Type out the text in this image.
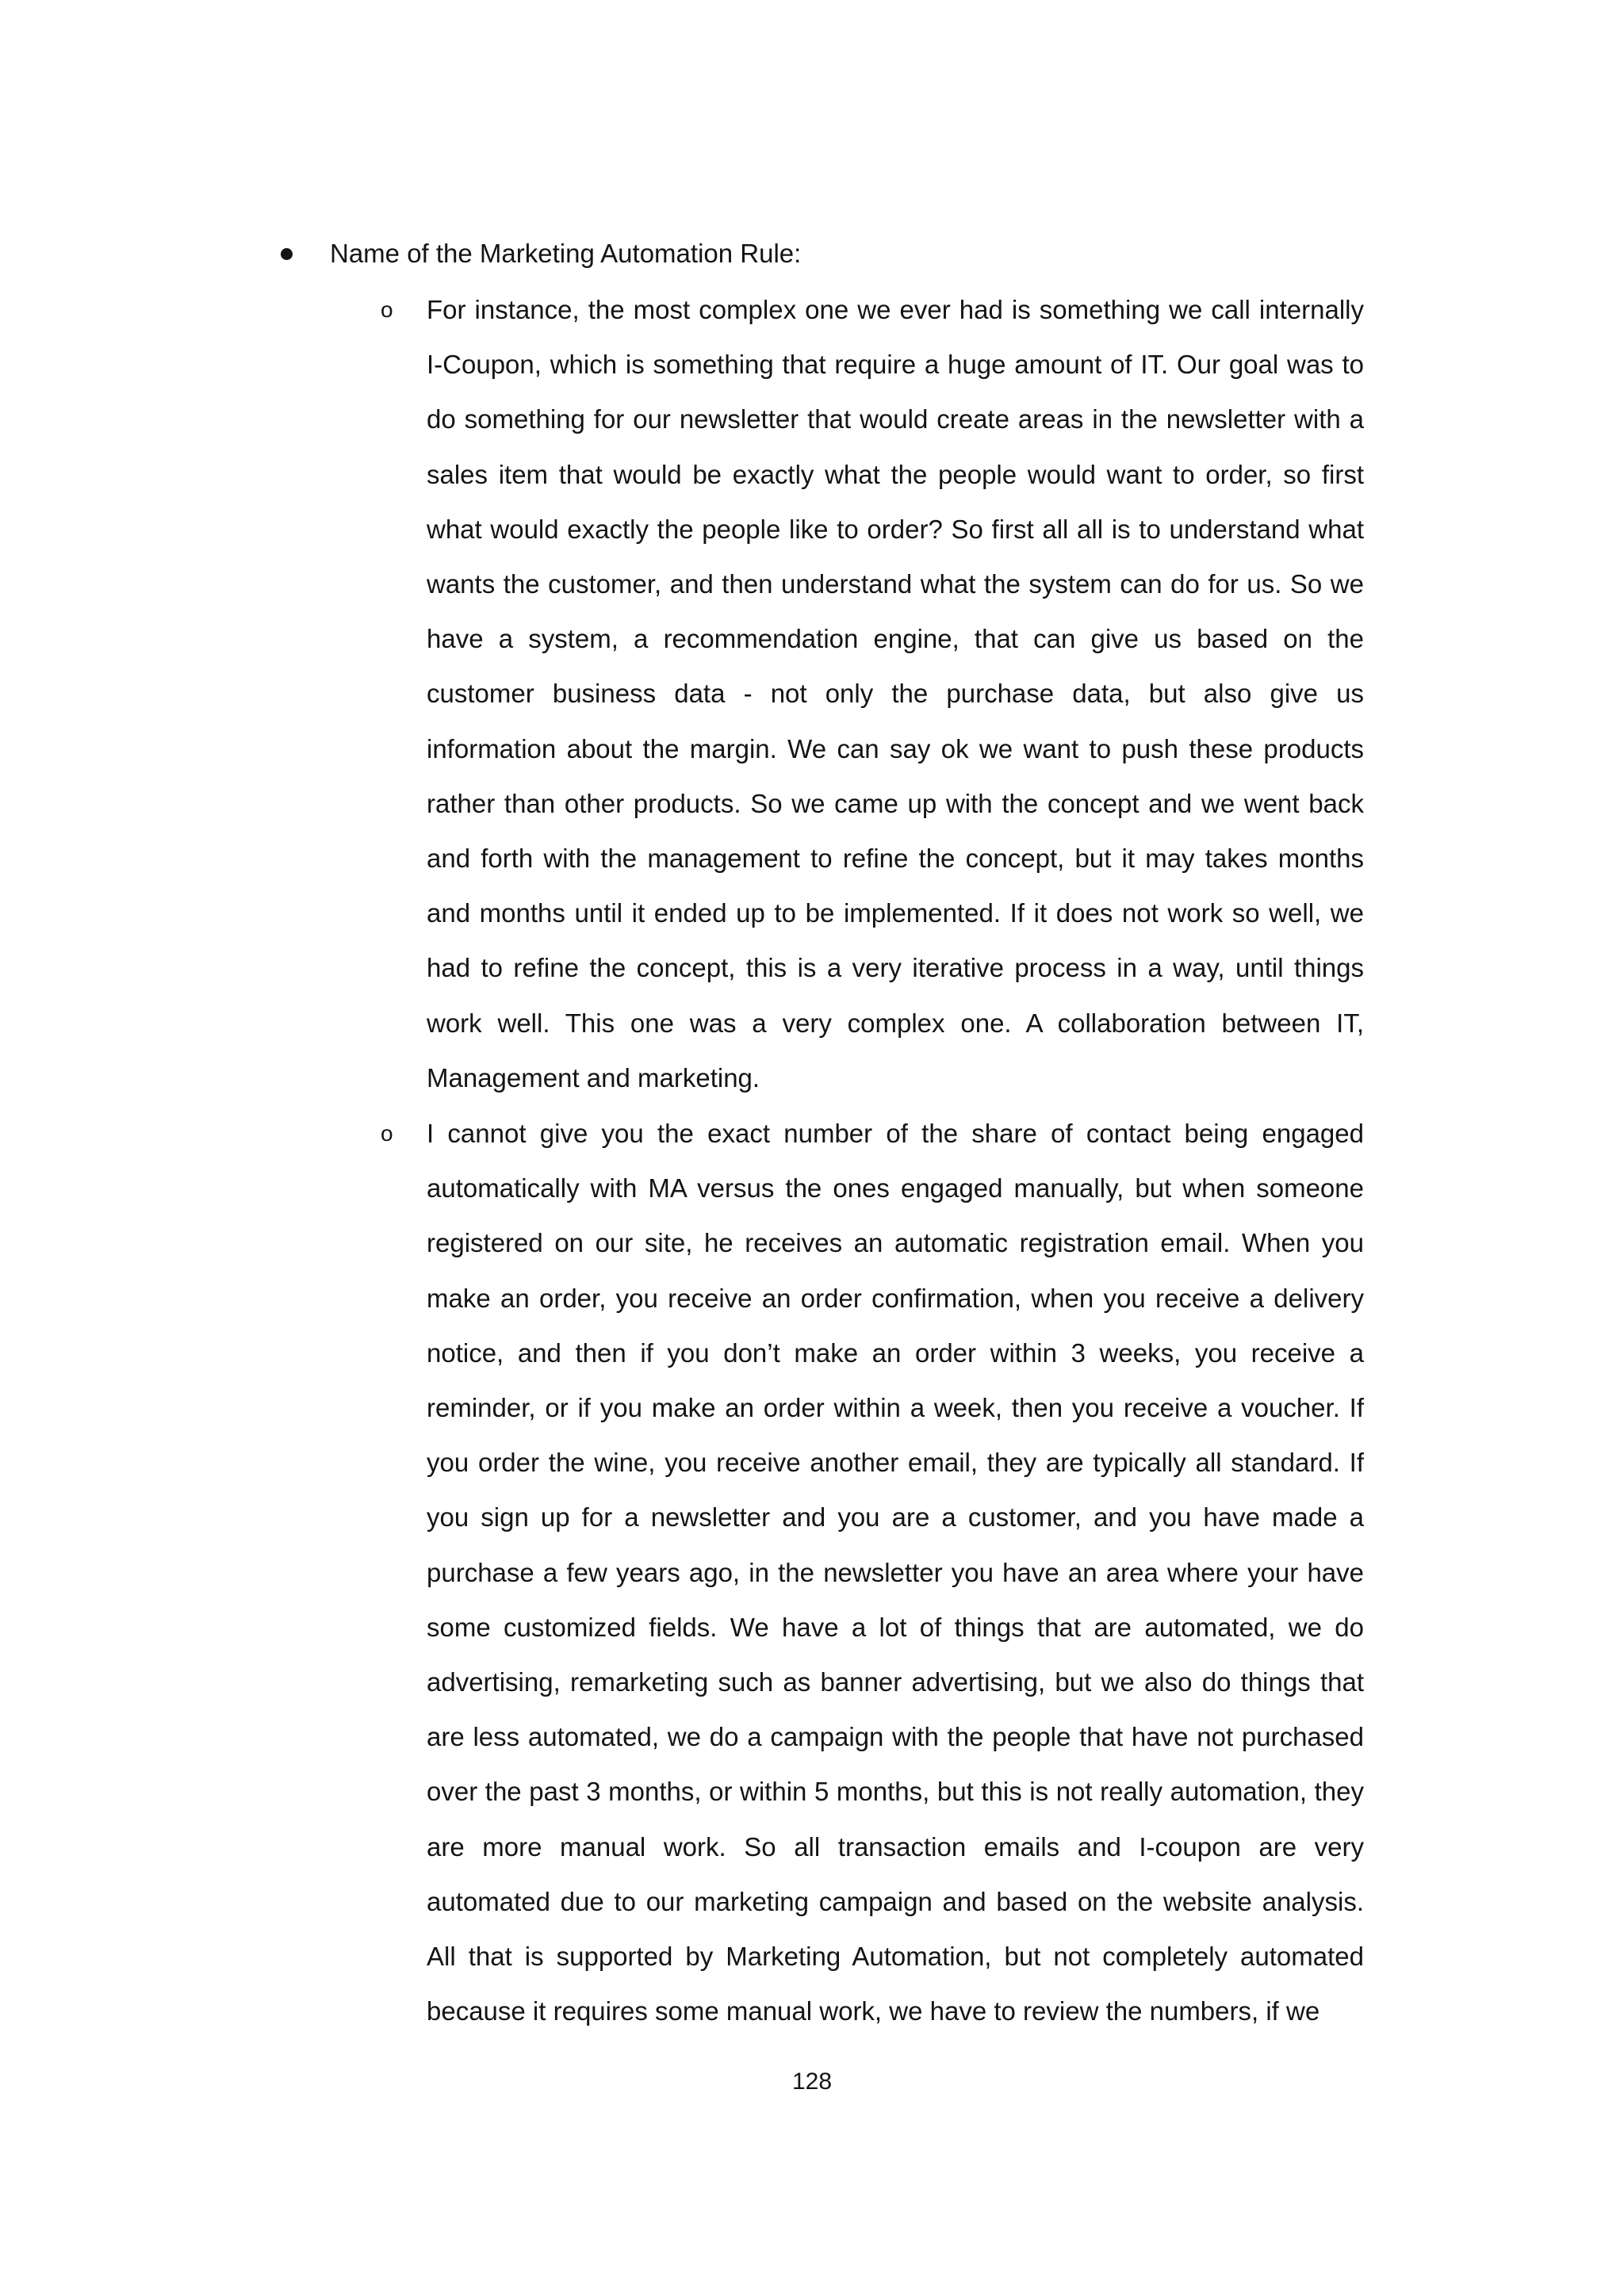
Name of the Marketing Automation Rule:
o For instance, the most complex one we ever had is something we call internally I-Coupon, which is something that require a huge amount of IT. Our goal was to do something for our newsletter that would create areas in the newsletter with a sales item that would be exactly what the people would want to order, so first what would exactly the people like to order? So first all all is to understand what wants the customer, and then understand what the system can do for us. So we have a system, a recommendation engine, that can give us based on the customer business data - not only the purchase data, but also give us information about the margin. We can say ok we want to push these products rather than other products. So we came up with the concept and we went back and forth with the management to refine the concept, but it may takes months and months until it ended up to be implemented. If it does not work so well, we had to refine the concept, this is a very iterative process in a way, until things work well. This one was a very complex one. A collaboration between IT, Management and marketing.

o I cannot give you the exact number of the share of contact being engaged automatically with MA versus the ones engaged manually, but when someone registered on our site, he receives an automatic registration email. When you make an order, you receive an order confirmation, when you receive a delivery notice, and then if you don’t make an order within 3 weeks, you receive a reminder, or if you make an order within a week, then you receive a voucher. If you order the wine, you receive another email, they are typically all standard. If you sign up for a newsletter and you are a customer, and you have made a purchase a few years ago, in the newsletter you have an area where your have some customized fields. We have a lot of things that are automated, we do advertising, remarketing such as banner advertising, but we also do things that are less automated, we do a campaign with the people that have not purchased over the past 3 months, or within 5 months, but this is not really automation, they are more manual work. So all transaction emails and I-coupon are very automated due to our marketing campaign and based on the website analysis. All that is supported by Marketing Automation, but not completely automated because it requires some manual work, we have to review the numbers, if we

128
